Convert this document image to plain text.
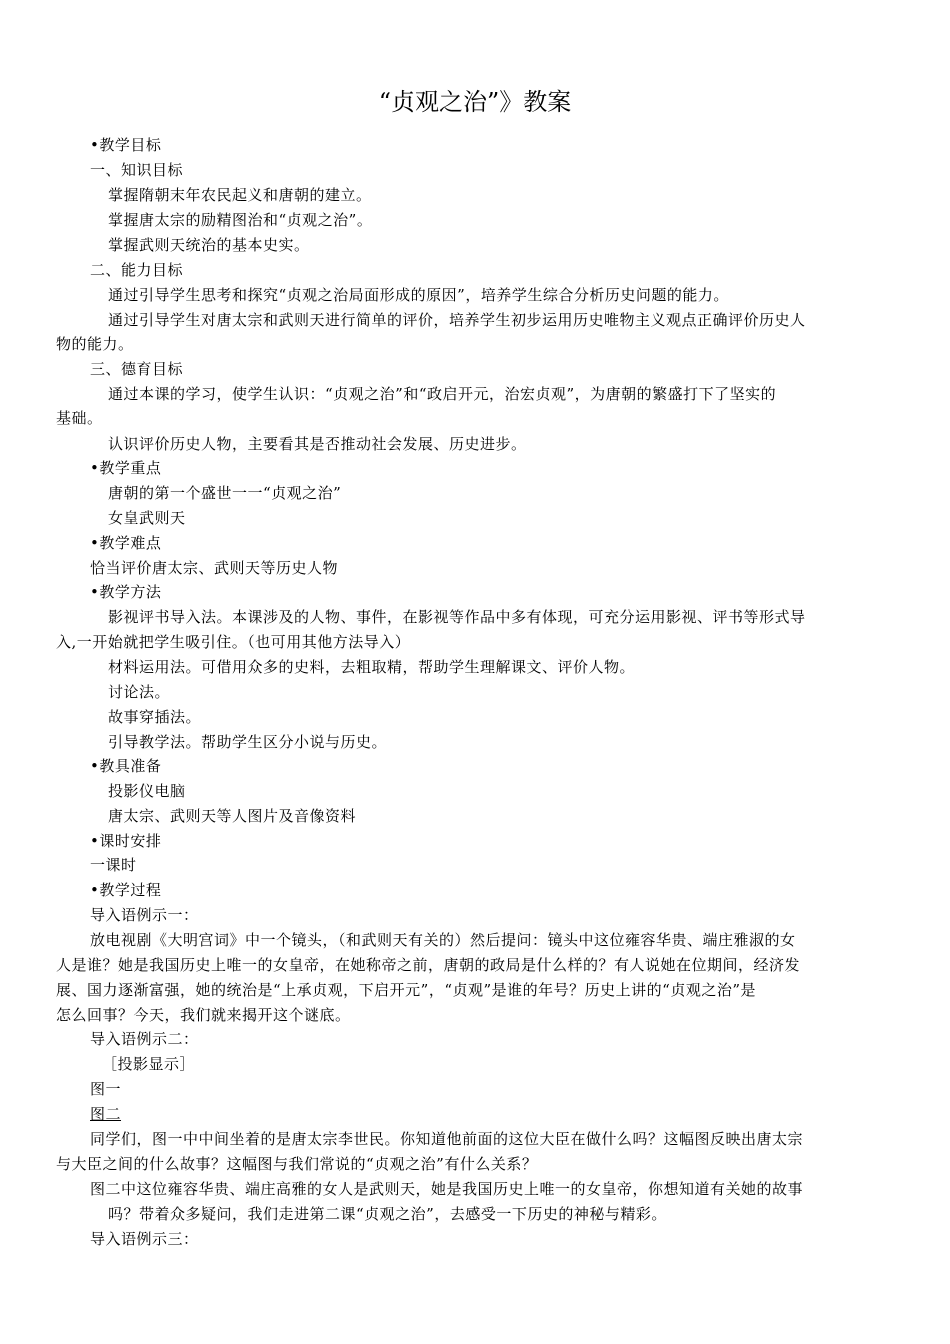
“贞观之治”》教案
•教学目标
一、知识目标
掌握隋朝末年农民起义和唐朝的建立。
掌握唐太宗的励精图治和“贞观之治”。
掌握武则天统治的基本史实。
二、能力目标
通过引导学生思考和探究“贞观之治局面形成的原因”，培养学生综合分析历史问题的能力。
通过引导学生对唐太宗和武则天进行简单的评价，培养学生初步运用历史唯物主义观点正确评价历史人
物的能力。
三、德育目标
通过本课的学习，使学生认识：“贞观之治”和“政启开元，治宏贞观”，为唐朝的繁盛打下了坚实的
基础。
认识评价历史人物，主要看其是否推动社会发展、历史进步。
•教学重点
唐朝的第一个盛世一一“贞观之治”
女皇武则天
•教学难点
恰当评价唐太宗、武则天等历史人物
•教学方法
影视评书导入法。本课涉及的人物、事件，在影视等作品中多有体现，可充分运用影视、评书等形式导
入,一开始就把学生吸引住。（也可用其他方法导入）
材料运用法。可借用众多的史料，去粗取精，帮助学生理解课文、评价人物。
讨论法。
故事穿插法。
引导教学法。帮助学生区分小说与历史。
•教具准备
投影仪电脑
唐太宗、武则天等人图片及音像资料
•课时安排
一课时
•教学过程
导入语例示一：
放电视剧《大明宫词》中一个镜头，（和武则天有关的）然后提问：镜头中这位雍容华贵、端庄雅淑的女
人是谁？她是我国历史上唯一的女皇帝，在她称帝之前，唐朝的政局是什么样的？有人说她在位期间，经济发
展、国力逐渐富强，她的统治是“上承贞观，下启开元”，“贞观”是谁的年号？历史上讲的“贞观之治”是
怎么回事？今天，我们就来揭开这个谜底。
导入语例示二：
［投影显示］
图一
图二
同学们，图一中中间坐着的是唐太宗李世民。你知道他前面的这位大臣在做什么吗？这幅图反映出唐太宗
与大臣之间的什么故事？这幅图与我们常说的“贞观之治”有什么关系？
图二中这位雍容华贵、端庄高雅的女人是武则天，她是我国历史上唯一的女皇帝，你想知道有关她的故事
吗？带着众多疑问，我们走进第二课“贞观之治”，去感受一下历史的神秘与精彩。
导入语例示三：
